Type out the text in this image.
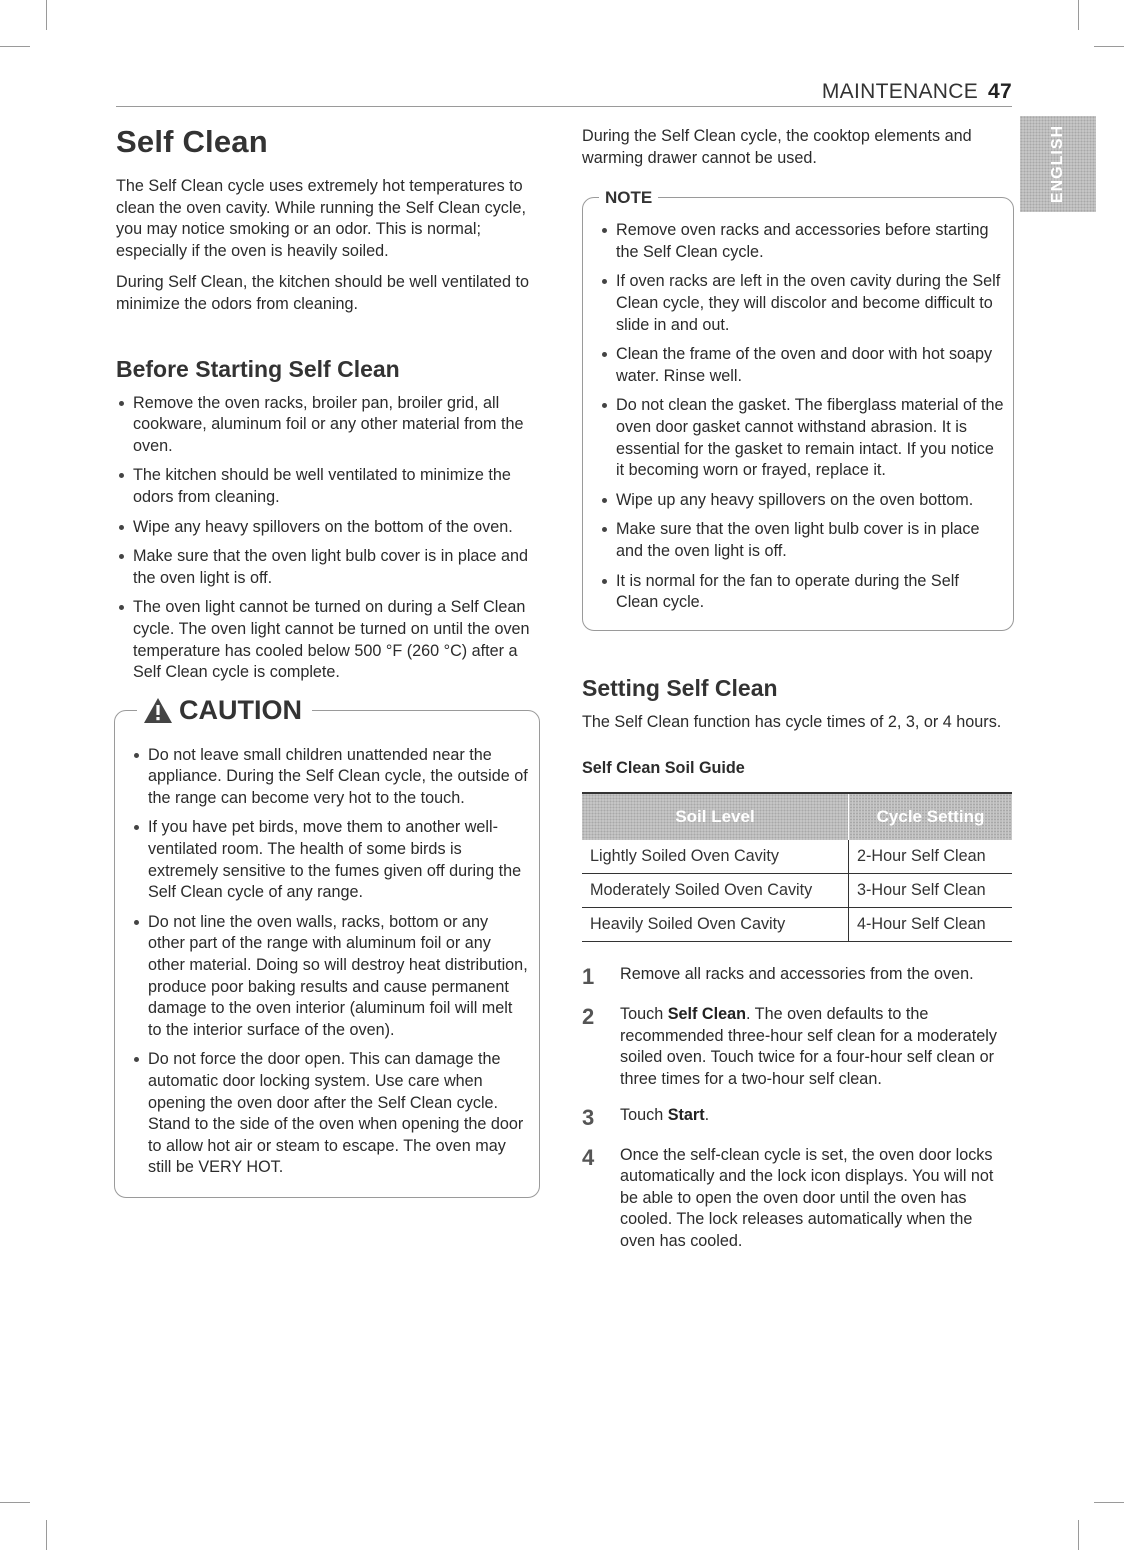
MAINTENANCE 47
ENGLISH
Self Clean

The Self Clean cycle uses extremely hot temperatures to clean the oven cavity. While running the Self Clean cycle, you may notice smoking or an odor. This is normal; especially if the oven is heavily soiled.

During Self Clean, the kitchen should be well ventilated to minimize the odors from cleaning.

Before Starting Self Clean
Remove the oven racks, broiler pan, broiler grid, all cookware, aluminum foil or any other material from the oven.
The kitchen should be well ventilated to minimize the odors from cleaning.
Wipe any heavy spillovers on the bottom of the oven.
Make sure that the oven light bulb cover is in place and the oven light is off.
The oven light cannot be turned on during a Self Clean cycle. The oven light cannot be turned on until the oven temperature has cooled below 500 °F (260 °C) after a Self Clean cycle is complete.
CAUTION
Do not leave small children unattended near the appliance. During the Self Clean cycle, the outside of the range can become very hot to the touch.
If you have pet birds, move them to another well-ventilated room. The health of some birds is extremely sensitive to the fumes given off during the Self Clean cycle of any range.
Do not line the oven walls, racks, bottom or any other part of the range with aluminum foil or any other material. Doing so will destroy heat distribution, produce poor baking results and cause permanent damage to the oven interior (aluminum foil will melt to the interior surface of the oven).
Do not force the door open. This can damage the automatic door locking system. Use care when opening the oven door after the Self Clean cycle. Stand to the side of the oven when opening the door to allow hot air or steam to escape. The oven may still be VERY HOT.

During the Self Clean cycle, the cooktop elements and warming drawer cannot be used.

NOTE
Remove oven racks and accessories before starting the Self Clean cycle.
If oven racks are left in the oven cavity during the Self Clean cycle, they will discolor and become difficult to slide in and out.
Clean the frame of the oven and door with hot soapy water. Rinse well.
Do not clean the gasket. The fiberglass material of the oven door gasket cannot withstand abrasion. It is essential for the gasket to remain intact. If you notice it becoming worn or frayed, replace it.
Wipe up any heavy spillovers on the oven bottom.
Make sure that the oven light bulb cover is in place and the oven light is off.
It is normal for the fan to operate during the Self Clean cycle.
Setting Self Clean

The Self Clean function has cycle times of 2, 3, or 4 hours.

Self Clean Soil Guide
Soil Level	Cycle Setting
Lightly Soiled Oven Cavity	2-Hour Self Clean
Moderately Soiled Oven Cavity	3-Hour Self Clean
Heavily Soiled Oven Cavity	4-Hour Self Clean
1	Remove all racks and accessories from the oven.
2	Touch Self Clean. The oven defaults to the recommended three-hour self clean for a moderately soiled oven. Touch twice for a four-hour self clean or three times for a two-hour self clean.
3	Touch Start.
4	Once the self-clean cycle is set, the oven door locks automatically and the lock icon displays. You will not be able to open the oven door until the oven has cooled. The lock releases automatically when the oven has cooled.
